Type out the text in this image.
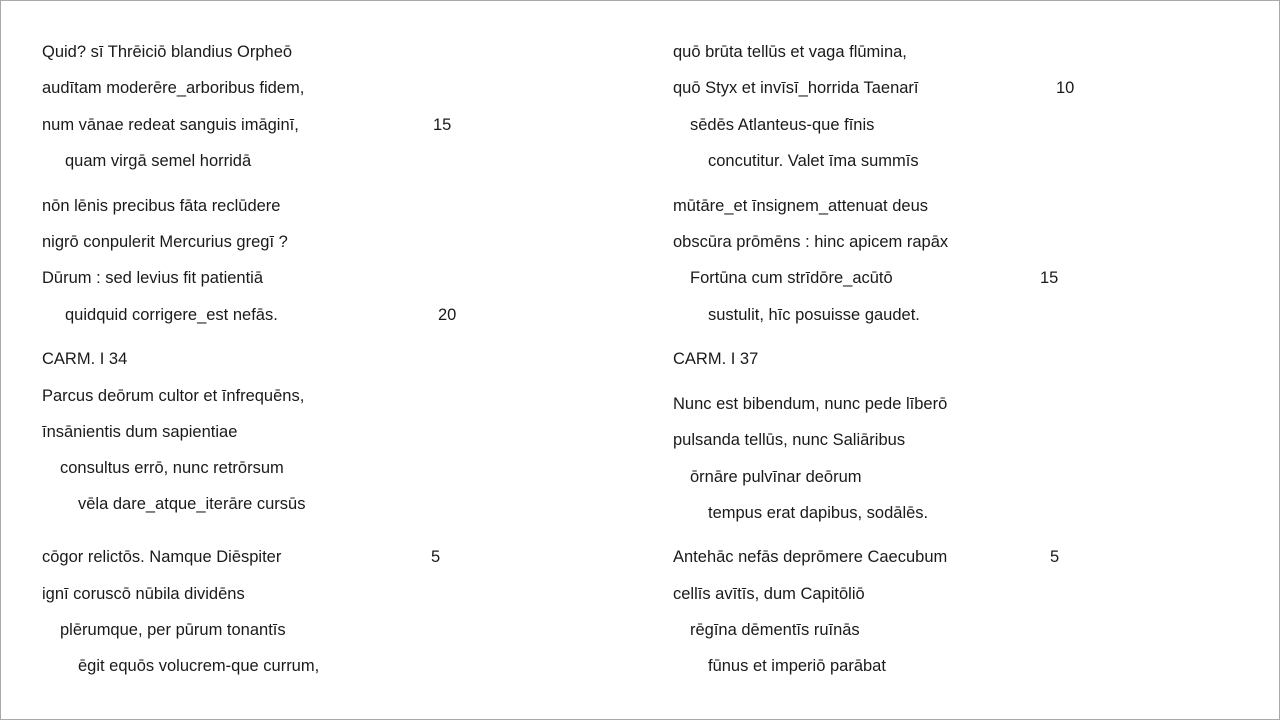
Quid? sī Thrēiciō blandius Orpheō
audītam moderēre_arboribus fidem,
num vānae redeat sanguis imāginī,	15
quam virgā semel horridā
nōn lēnis precibus fāta reclūdere
nigrō conpulerit Mercurius gregī ?
Dūrum : sed levius fit patientiā
quidquid corrigere_est nefās.	20
CARM. I 34
Parcus deōrum cultor et īnfrequēns,
īnsānientis dum sapientiae
consultus errō, nunc retrōrsum
vēla dare_atque_iterāre cursūs
cōgor relictōs. Namque Diēspiter	5
ignī coruscō nūbila dividēns
plērumque, per pūrum tonantīs
ēgit equōs volucrem-que currum,
quō brūta tellūs et vaga flūmina,
quō Styx et invīsī_horrida Taenarī	10
sēdēs Atlanteus-que fīnis
concutitur. Valet īma summīs
mūtāre_et īnsignem_attenuat deus
obscūra prōmēns : hinc apicem rapāx
Fortūna cum strīdōre_acūtō	15
sustulit, hīc posuisse gaudet.
CARM. I 37
Nunc est bibendum, nunc pede līberō
pulsanda tellūs, nunc Saliāribus
ōrnāre pulvīnar deōrum
tempus erat dapibus, sodālēs.
Antehāc nefās deprōmere Caecubum	5
cellīs avītīs, dum Capitōliō
rēgīna dēmentīs ruīnās
fūnus et imperiō parābat
